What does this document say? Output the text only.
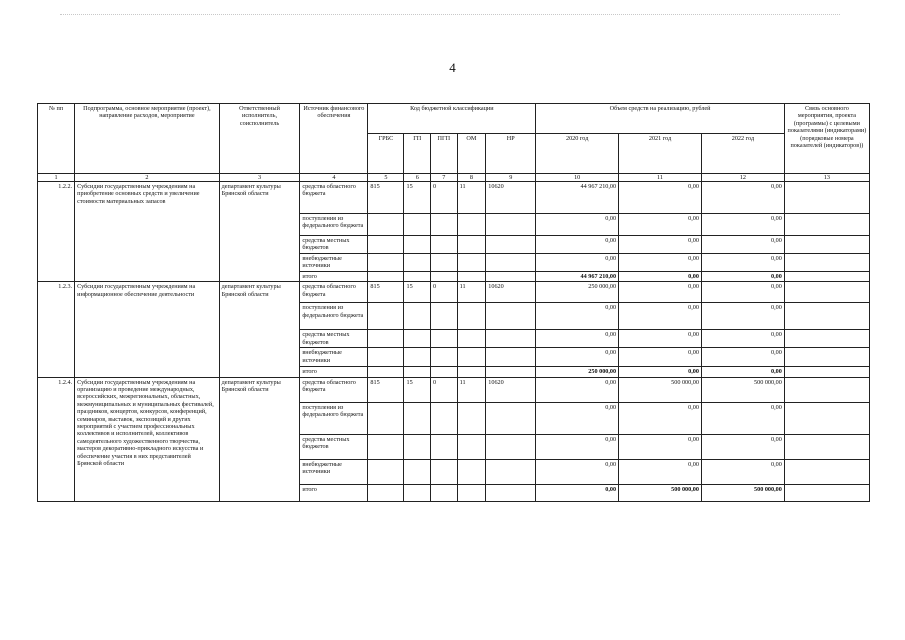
4
№ пп	Подпрограмма, основное мероприятие (проект), направление расходов, мероприятие	Ответственный исполнитель, соисполнитель	Источник финансового обеспечения	Код бюджетной классификации					Объем средств на реализацию, рублей			Связь основного мероприятия, проекта (программы) с целевыми показателями (индикаторами) (порядковые номера показателей (индикаторов))
				ГРБС	ГП	ПГП	ОМ	НР	2020 год	2021 год	2022 год	
1	2	3	4	5	6	7	8	9	10	11	12	13
1.2.2.	Субсидии государственным учреждениям на приобретение основных средств и увеличение стоимости материальных запасов	департамент культуры Брянской области	средства областного бюджета	815	15	0	11	10620	44 967 210,00	0,00	0,00	
			поступления из федерального бюджета						0,00	0,00	0,00	
			средства местных бюджетов						0,00	0,00	0,00	
			внебюджетные источники						0,00	0,00	0,00	
			итого						44 967 210,00	0,00	0,00	
1.2.3.	Субсидии государственным учреждениям на информационное обеспечение деятельности	департамент культуры Брянской области	средства областного бюджета	815	15	0	11	10620	250 000,00	0,00	0,00	
			поступления из федерального бюджета						0,00	0,00	0,00	
			средства местных бюджетов						0,00	0,00	0,00	
			внебюджетные источники						0,00	0,00	0,00	
			итого						250 000,00	0,00	0,00	
1.2.4.	Субсидии государственным учреждениям на организацию и проведение международных, всероссийских, межрегиональных, областных, межмуниципальных и муниципальных фестивалей, праздников, концертов, конкурсов, конференций, семинаров, выставок, экспозиций и других мероприятий с участием профессиональных коллективов и исполнителей, коллективов самодеятельного художественного творчества, мастеров декоративно-прикладного искусства и обеспечение участия в них представителей Брянской области	департамент культуры Брянской области	средства областного бюджета	815	15	0	11	10620	0,00	500 000,00	500 000,00	
			поступления из федерального бюджета						0,00	0,00	0,00	
			средства местных бюджетов						0,00	0,00	0,00	
			внебюджетные источники						0,00	0,00	0,00	
			итого						0,00	500 000,00	500 000,00	
